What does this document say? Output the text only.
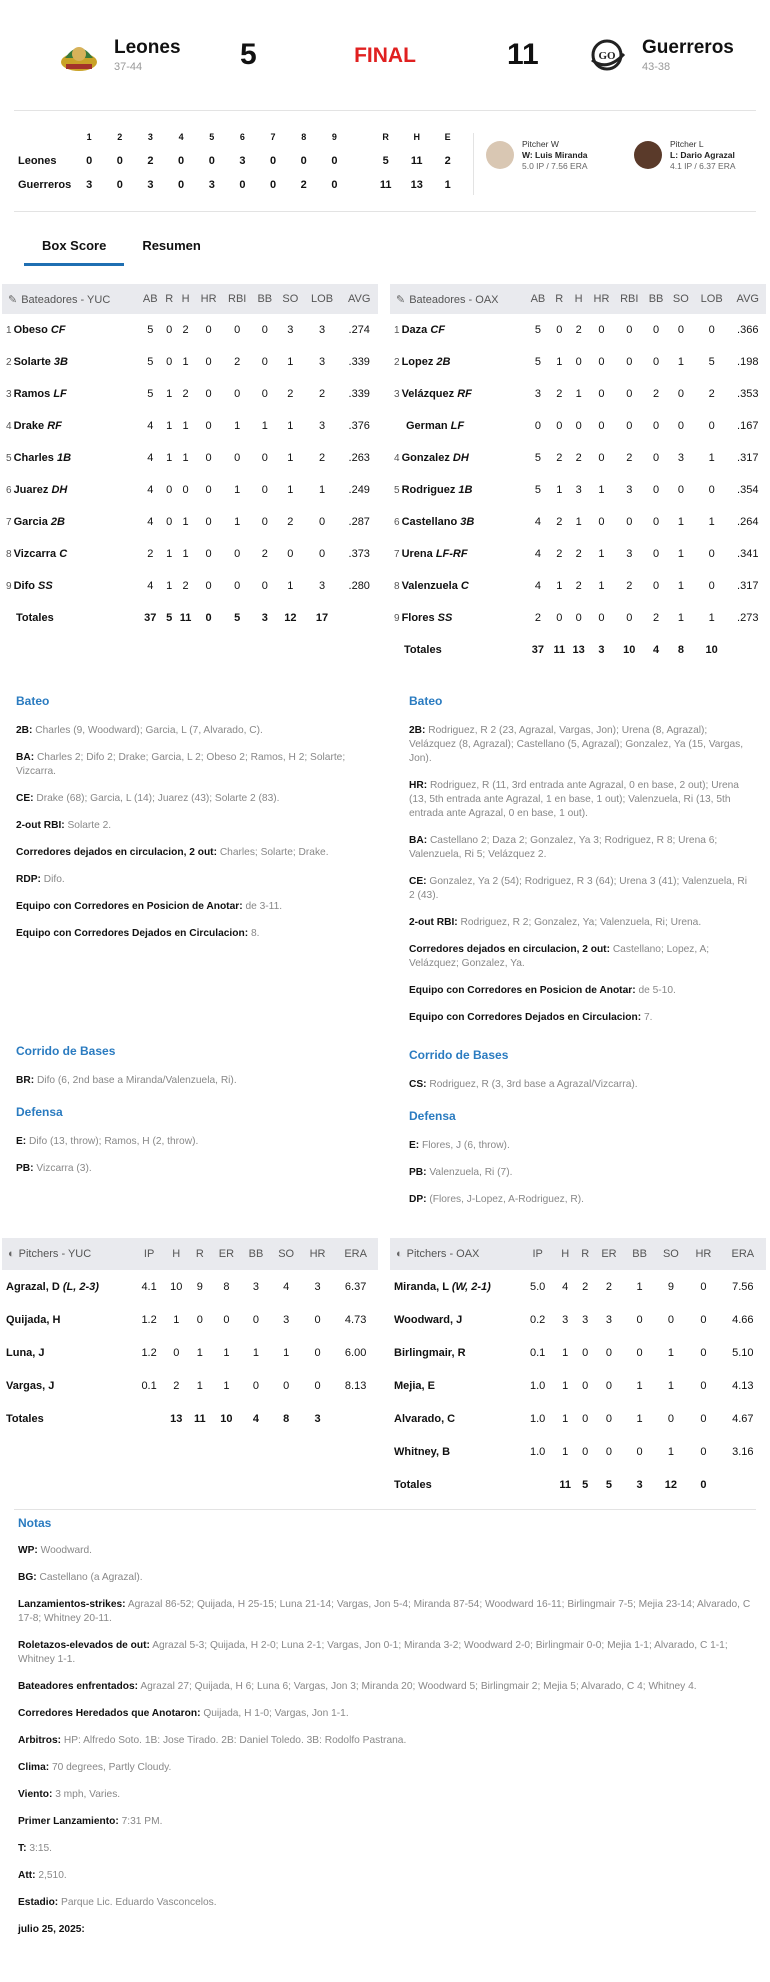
Leones
37-44	5	FINAL	11	GO Guerreros
43-38
	1	2	3	4	5	6	7	8	9		R	H	E
Leones	0	0	2	0	0	3	0	0	0		5	11	2
Guerreros	3	0	3	0	3	0	0	2	0		11	13	1
Pitcher W
W: Luis Miranda
5.0 IP / 7.56 ERA
Pitcher L
L: Dario Agrazal
4.1 IP / 6.37 ERA
Box Score	Resumen
✎ Bateadores - YUC	AB	R	H	HR	RBI	BB	SO	LOB	AVG
1 Obeso CF	5	0	2	0	0	0	3	3	.274
2 Solarte 3B	5	0	1	0	2	0	1	3	.339
3 Ramos LF	5	1	2	0	0	0	2	2	.339
4 Drake RF	4	1	1	0	1	1	1	3	.376
5 Charles 1B	4	1	1	0	0	0	1	2	.263
6 Juarez DH	4	0	0	0	1	0	1	1	.249
7 Garcia 2B	4	0	1	0	1	0	2	0	.287
8 Vizcarra C	2	1	1	0	0	2	0	0	.373
9 Difo SS	4	1	2	0	0	0	1	3	.280
Totales	37	5	11	0	5	3	12	17	
✎ Bateadores - OAX	AB	R	H	HR	RBI	BB	SO	LOB	AVG
1 Daza CF	5	0	2	0	0	0	0	0	.366
2 Lopez 2B	5	1	0	0	0	0	1	5	.198
3 Velázquez RF	3	2	1	0	0	2	0	2	.353
German LF	0	0	0	0	0	0	0	0	.167
4 Gonzalez DH	5	2	2	0	2	0	3	1	.317
5 Rodriguez 1B	5	1	3	1	3	0	0	0	.354
6 Castellano 3B	4	2	1	0	0	0	1	1	.264
7 Urena LF-RF	4	2	2	1	3	0	1	0	.341
8 Valenzuela C	4	1	2	1	2	0	1	0	.317
9 Flores SS	2	0	0	0	0	2	1	1	.273
Totales	37	11	13	3	10	4	8	10	
Bateo
2B: Charles (9, Woodward); Garcia, L (7, Alvarado, C).
BA: Charles 2; Difo 2; Drake; Garcia, L 2; Obeso 2; Ramos, H 2; Solarte; Vizcarra.
CE: Drake (68); Garcia, L (14); Juarez (43); Solarte 2 (83).
2-out RBI: Solarte 2.
Corredores dejados en circulacion, 2 out: Charles; Solarte; Drake.
RDP: Difo.
Equipo con Corredores en Posicion de Anotar: de 3-11.
Equipo con Corredores Dejados en Circulacion: 8.
Corrido de Bases
BR: Difo (6, 2nd base a Miranda/Valenzuela, Ri).
Defensa
E: Difo (13, throw); Ramos, H (2, throw).
PB: Vizcarra (3).
Bateo
2B: Rodriguez, R 2 (23, Agrazal, Vargas, Jon); Urena (8, Agrazal); Velázquez (8, Agrazal); Castellano (5, Agrazal); Gonzalez, Ya (15, Vargas, Jon).
HR: Rodriguez, R (11, 3rd entrada ante Agrazal, 0 en base, 2 out); Urena (13, 5th entrada ante Agrazal, 1 en base, 1 out); Valenzuela, Ri (13, 5th entrada ante Agrazal, 0 en base, 1 out).
BA: Castellano 2; Daza 2; Gonzalez, Ya 3; Rodriguez, R 8; Urena 6; Valenzuela, Ri 5; Velázquez 2.
CE: Gonzalez, Ya 2 (54); Rodriguez, R 3 (64); Urena 3 (41); Valenzuela, Ri 2 (43).
2-out RBI: Rodriguez, R 2; Gonzalez, Ya; Valenzuela, Ri; Urena.
Corredores dejados en circulacion, 2 out: Castellano; Lopez, A; Velázquez; Gonzalez, Ya.
Equipo con Corredores en Posicion de Anotar: de 5-10.
Equipo con Corredores Dejados en Circulacion: 7.
Corrido de Bases
CS: Rodriguez, R (3, 3rd base a Agrazal/Vizcarra).
Defensa
E: Flores, J (6, throw).
PB: Valenzuela, Ri (7).
DP: (Flores, J-Lopez, A-Rodriguez, R).
◐ Pitchers - YUC	IP	H	R	ER	BB	SO	HR	ERA
Agrazal, D (L, 2-3)	4.1	10	9	8	3	4	3	6.37
Quijada, H	1.2	1	0	0	0	3	0	4.73
Luna, J	1.2	0	1	1	1	1	0	6.00
Vargas, J	0.1	2	1	1	0	0	0	8.13
Totales		13	11	10	4	8	3	
◐ Pitchers - OAX	IP	H	R	ER	BB	SO	HR	ERA
Miranda, L (W, 2-1)	5.0	4	2	2	1	9	0	7.56
Woodward, J	0.2	3	3	3	0	0	0	4.66
Birlingmair, R	0.1	1	0	0	0	1	0	5.10
Mejia, E	1.0	1	0	0	1	1	0	4.13
Alvarado, C	1.0	1	0	0	1	0	0	4.67
Whitney, B	1.0	1	0	0	0	1	0	3.16
Totales		11	5	5	3	12	0	
Notas
WP: Woodward.
BG: Castellano (a Agrazal).
Lanzamientos-strikes: Agrazal 86-52; Quijada, H 25-15; Luna 21-14; Vargas, Jon 5-4; Miranda 87-54; Woodward 16-11; Birlingmair 7-5; Mejia 23-14; Alvarado, C 17-8; Whitney 20-11.
Roletazos-elevados de out: Agrazal 5-3; Quijada, H 2-0; Luna 2-1; Vargas, Jon 0-1; Miranda 3-2; Woodward 2-0; Birlingmair 0-0; Mejia 1-1; Alvarado, C 1-1; Whitney 1-1.
Bateadores enfrentados: Agrazal 27; Quijada, H 6; Luna 6; Vargas, Jon 3; Miranda 20; Woodward 5; Birlingmair 2; Mejia 5; Alvarado, C 4; Whitney 4.
Corredores Heredados que Anotaron: Quijada, H 1-0; Vargas, Jon 1-1.
Arbitros: HP: Alfredo Soto. 1B: Jose Tirado. 2B: Daniel Toledo. 3B: Rodolfo Pastrana.
Clima: 70 degrees, Partly Cloudy.
Viento: 3 mph, Varies.
Primer Lanzamiento: 7:31 PM.
T: 3:15.
Att: 2,510.
Estadio: Parque Lic. Eduardo Vasconcelos.
julio 25, 2025:
